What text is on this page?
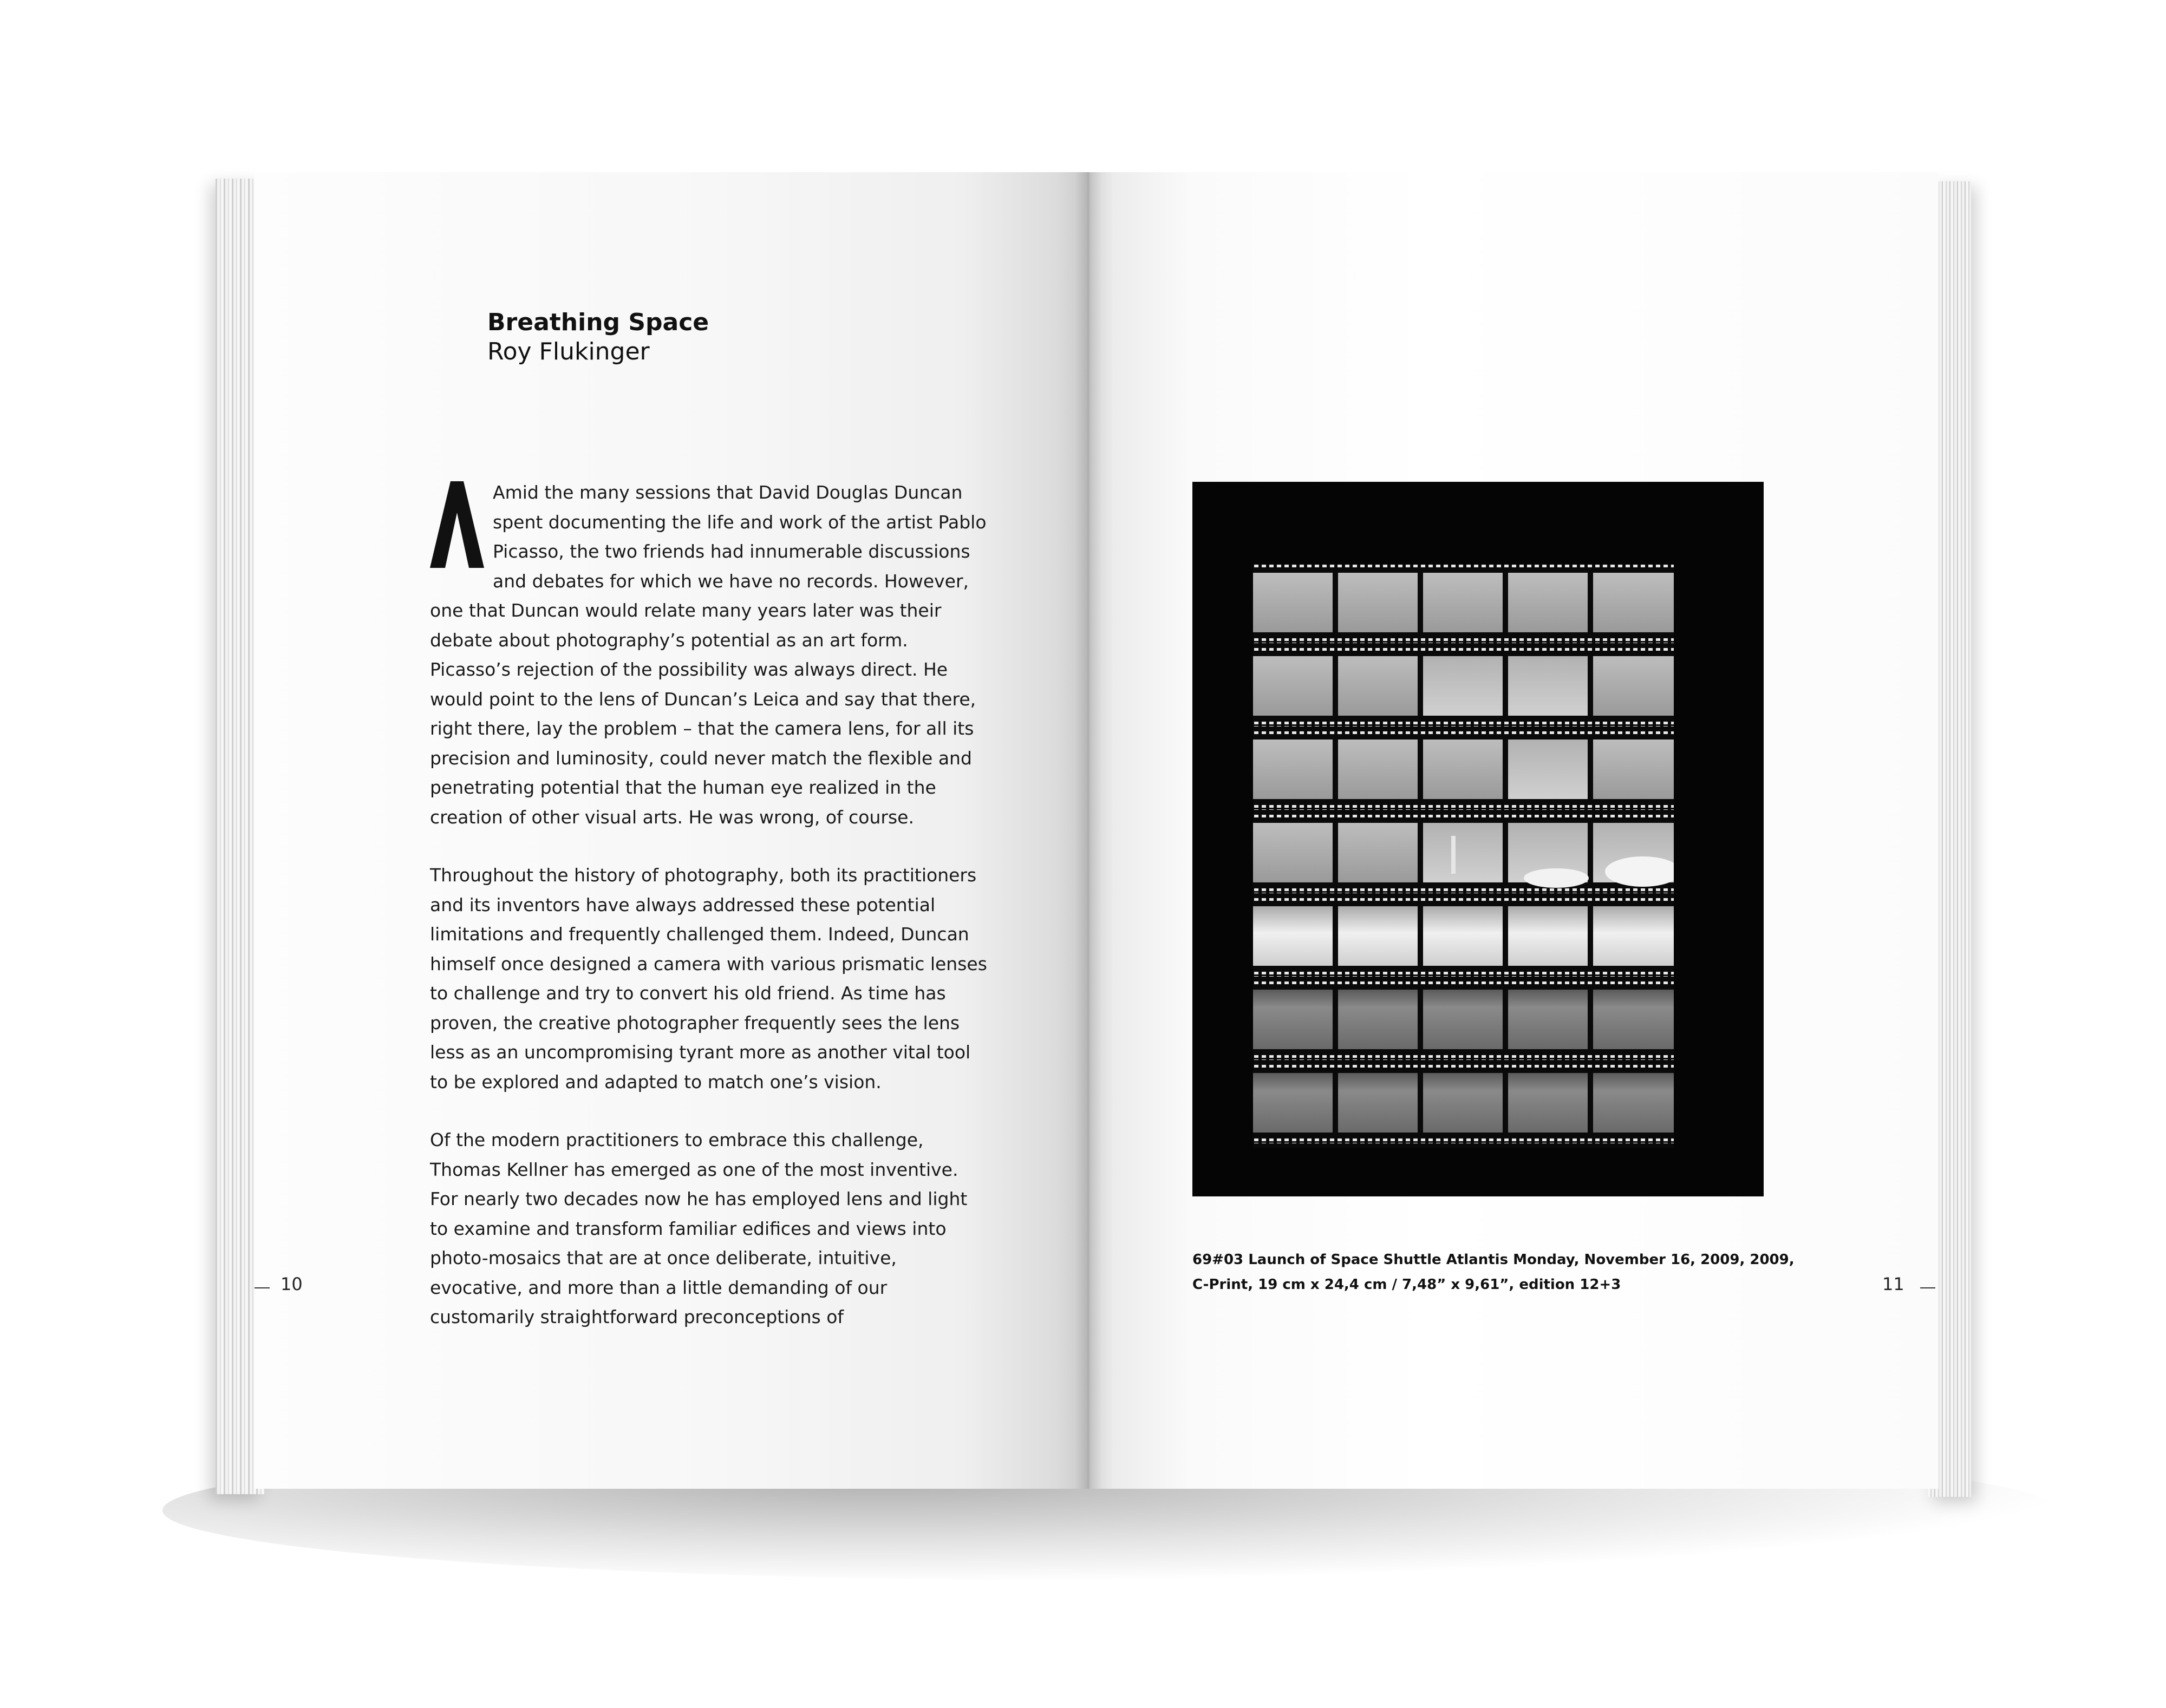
Breathing Space
Roy Flukinger

Amid the many sessions that David Douglas Duncan spent documenting the life and work of the artist Pablo Picasso, the two friends had innumerable discussions and debates for which we have no records. However, one that Duncan would relate many years later was their debate about photography’s potential as an art form. Picasso’s rejection of the possibility was always direct. He would point to the lens of Duncan’s Leica and say that there, right there, lay the problem – that the camera lens, for all its precision and luminosity, could never match the flexible and penetrating potential that the human eye realized in the creation of other visual arts. He was wrong, of course.

Throughout the history of photography, both its practitioners and its inventors have always addressed these potential limitations and frequently challenged them. Indeed, Duncan himself once designed a camera with various prismatic lenses to challenge and try to convert his old friend. As time has proven, the creative photographer frequently sees the lens less as an uncompromising tyrant more as another vital tool to be explored and adapted to match one’s vision.

Of the modern practitioners to embrace this challenge, Thomas Kellner has emerged as one of the most inventive. For nearly two decades now he has employed lens and light to examine and transform familiar edifices and views into photo-mosaics that are at once deliberate, intuitive, evocative, and more than a little demanding of our customarily straightforward preconceptions of

10
69#03 Launch of Space Shuttle Atlantis Monday, November 16, 2009, 2009,
C-Print, 19 cm x 24,4 cm / 7,48” x 9,61”, edition 12+3	11
